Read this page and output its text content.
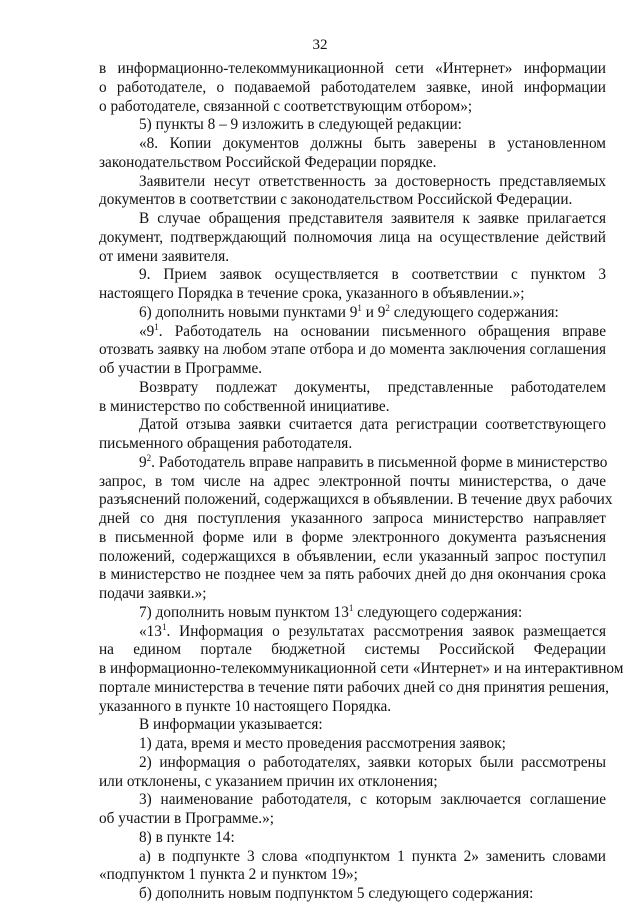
32
в информационно-телекоммуникационной сети «Интернет» информации
о работодателе, о подаваемой работодателем заявке, иной информации
о работодателе, связанной с соответствующим отбором»;
5) пункты 8 – 9 изложить в следующей редакции:
«8. Копии документов должны быть заверены в установленном
законодательством Российской Федерации порядке.
Заявители несут ответственность за достоверность представляемых
документов в соответствии с законодательством Российской Федерации.
В случае обращения представителя заявителя к заявке прилагается
документ, подтверждающий полномочия лица на осуществление действий
от имени заявителя.
9. Прием заявок осуществляется в соответствии с пунктом 3
настоящего Порядка в течение срока, указанного в объявлении.»;
6) дополнить новыми пунктами $9^1$ и $9^2$ следующего содержания:
«$9^1$. Работодатель на основании письменного обращения вправе
отозвать заявку на любом этапе отбора и до момента заключения соглашения
об участии в Программе.
Возврату подлежат документы, представленные работодателем
в министерство по собственной инициативе.
Датой отзыва заявки считается дата регистрации соответствующего
письменного обращения работодателя.
$9^2$. Работодатель вправе направить в письменной форме в министерство
запрос, в том числе на адрес электронной почты министерства, о даче
разъяснений положений, содержащихся в объявлении. В течение двух рабочих
дней со дня поступления указанного запроса министерство направляет
в письменной форме или в форме электронного документа разъяснения
положений, содержащихся в объявлении, если указанный запрос поступил
в министерство не позднее чем за пять рабочих дней до дня окончания срока
подачи заявки.»;
7) дополнить новым пунктом $13^1$ следующего содержания:
«$13^1$. Информация о результатах рассмотрения заявок размещается
на едином портале бюджетной системы Российской Федерации
в информационно-телекоммуникационной сети «Интернет» и на интерактивном
портале министерства в течение пяти рабочих дней со дня принятия решения,
указанного в пункте 10 настоящего Порядка.
В информации указывается:
1) дата, время и место проведения рассмотрения заявок;
2) информация о работодателях, заявки которых были рассмотрены
или отклонены, с указанием причин их отклонения;
3) наименование работодателя, с которым заключается соглашение
об участии в Программе.»;
8) в пункте 14:
а) в подпункте 3 слова «подпунктом 1 пункта 2» заменить словами
«подпунктом 1 пункта 2 и пунктом 19»;
б) дополнить новым подпунктом 5 следующего содержания:
